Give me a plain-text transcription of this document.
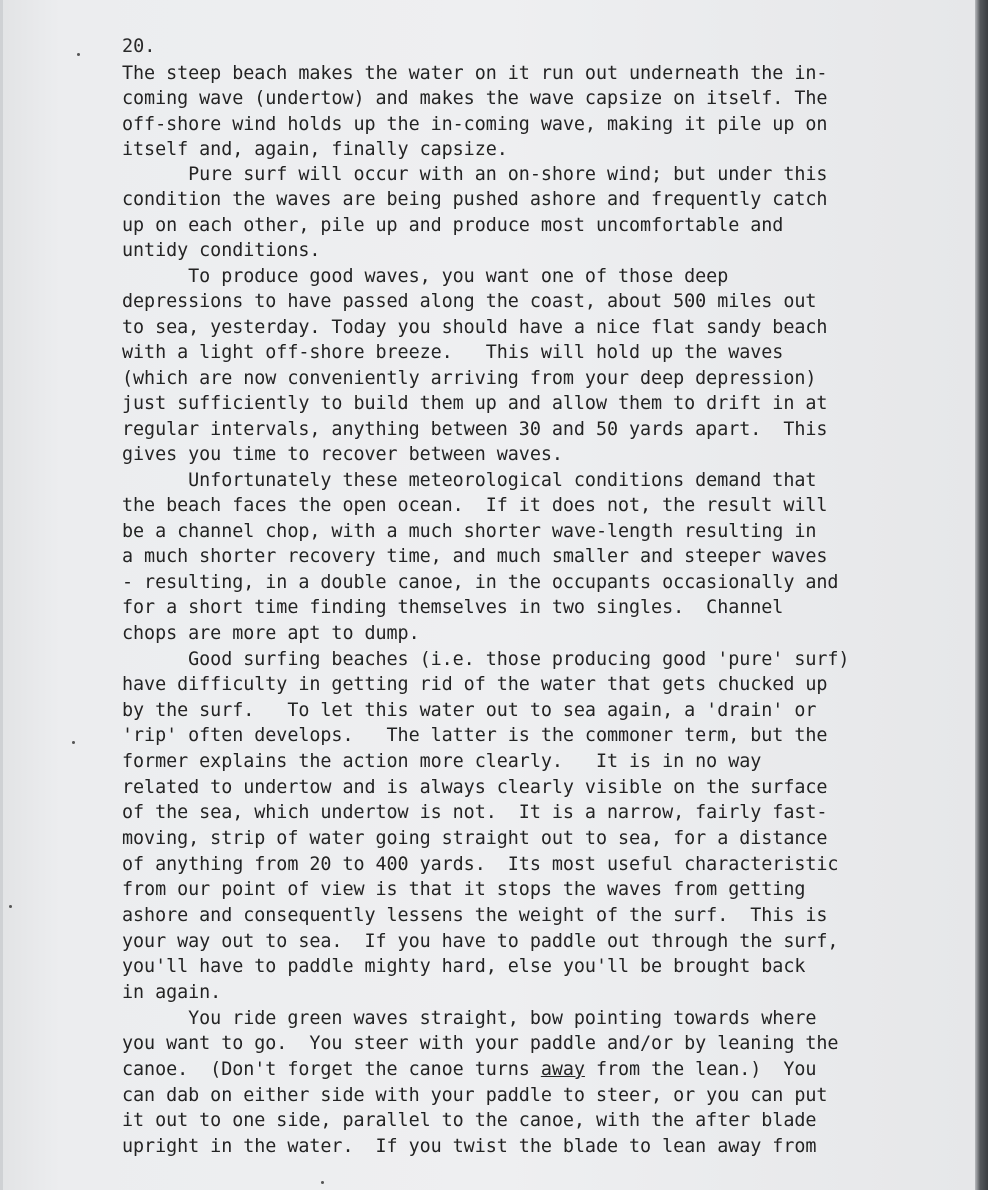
20.
The steep beach makes the water on it run out underneath the in-
coming wave (undertow) and makes the wave capsize on itself. The
off-shore wind holds up the in-coming wave, making it pile up on
itself and, again, finally capsize.
Pure surf will occur with an on-shore wind; but under this
condition the waves are being pushed ashore and frequently catch
up on each other, pile up and produce most uncomfortable and
untidy conditions.
To produce good waves, you want one of those deep
depressions to have passed along the coast, about 500 miles out
to sea, yesterday. Today you should have a nice flat sandy beach
with a light off-shore breeze.   This will hold up the waves
(which are now conveniently arriving from your deep depression)
just sufficiently to build them up and allow them to drift in at
regular intervals, anything between 30 and 50 yards apart.  This
gives you time to recover between waves.
Unfortunately these meteorological conditions demand that
the beach faces the open ocean.  If it does not, the result will
be a channel chop, with a much shorter wave-length resulting in
a much shorter recovery time, and much smaller and steeper waves
- resulting, in a double canoe, in the occupants occasionally and
for a short time finding themselves in two singles.  Channel
chops are more apt to dump.
Good surfing beaches (i.e. those producing good 'pure' surf)
have difficulty in getting rid of the water that gets chucked up
by the surf.   To let this water out to sea again, a 'drain' or
'rip' often develops.   The latter is the commoner term, but the
former explains the action more clearly.   It is in no way
related to undertow and is always clearly visible on the surface
of the sea, which undertow is not.  It is a narrow, fairly fast-
moving, strip of water going straight out to sea, for a distance
of anything from 20 to 400 yards.  Its most useful characteristic
from our point of view is that it stops the waves from getting
ashore and consequently lessens the weight of the surf.  This is
your way out to sea.  If you have to paddle out through the surf,
you'll have to paddle mighty hard, else you'll be brought back
in again.
You ride green waves straight, bow pointing towards where
you want to go.  You steer with your paddle and/or by leaning the
canoe.  (Don't forget the canoe turns away from the lean.)  You
can dab on either side with your paddle to steer, or you can put
it out to one side, parallel to the canoe, with the after blade
upright in the water.  If you twist the blade to lean away from
